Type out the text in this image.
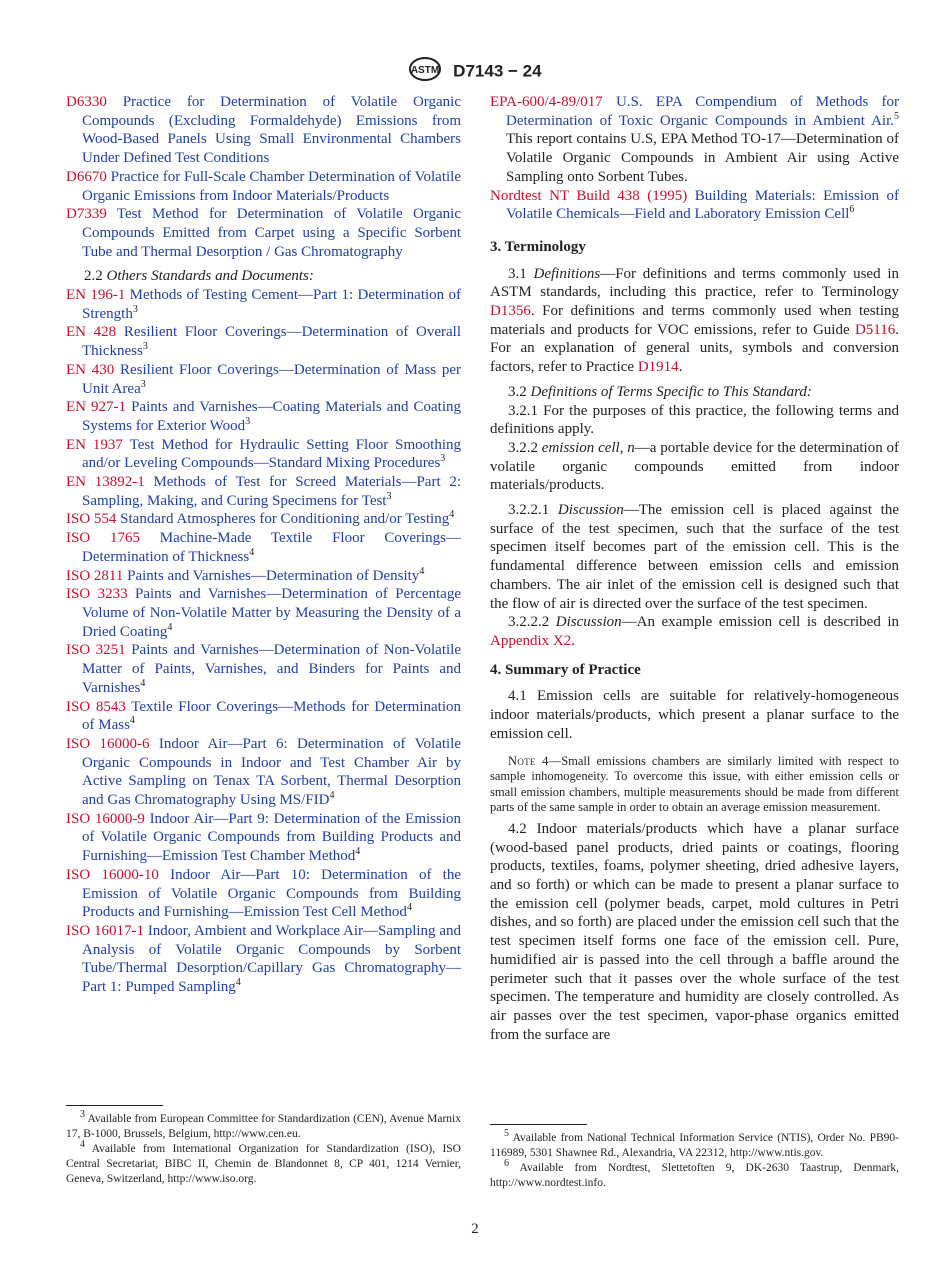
ASTM D7143 − 24

D6330 Practice for Determination of Volatile Organic Compounds (Excluding Formaldehyde) Emissions from Wood-Based Panels Using Small Environmental Chambers Under Defined Test Conditions

D6670 Practice for Full-Scale Chamber Determination of Volatile Organic Emissions from Indoor Materials/Products

D7339 Test Method for Determination of Volatile Organic Compounds Emitted from Carpet using a Specific Sorbent Tube and Thermal Desorption / Gas Chromatography

2.2 Others Standards and Documents:

EN 196-1 Methods of Testing Cement—Part 1: Determination of Strength$^3$

EN 428 Resilient Floor Coverings—Determination of Overall Thickness$^3$

EN 430 Resilient Floor Coverings—Determination of Mass per Unit Area$^3$

EN 927-1 Paints and Varnishes—Coating Materials and Coating Systems for Exterior Wood$^3$

EN 1937 Test Method for Hydraulic Setting Floor Smoothing and/or Leveling Compounds—Standard Mixing Procedures$^3$

EN 13892-1 Methods of Test for Screed Materials—Part 2: Sampling, Making, and Curing Specimens for Test$^3$

ISO 554 Standard Atmospheres for Conditioning and/or Testing$^4$

ISO 1765 Machine-Made Textile Floor Coverings—Determination of Thickness$^4$

ISO 2811 Paints and Varnishes—Determination of Density$^4$

ISO 3233 Paints and Varnishes—Determination of Percentage Volume of Non-Volatile Matter by Measuring the Density of a Dried Coating$^4$

ISO 3251 Paints and Varnishes—Determination of Non-Volatile Matter of Paints, Varnishes, and Binders for Paints and Varnishes$^4$

ISO 8543 Textile Floor Coverings—Methods for Determination of Mass$^4$

ISO 16000-6 Indoor Air—Part 6: Determination of Volatile Organic Compounds in Indoor and Test Chamber Air by Active Sampling on Tenax TA Sorbent, Thermal Desorption and Gas Chromatography Using MS/FID$^4$

ISO 16000-9 Indoor Air—Part 9: Determination of the Emission of Volatile Organic Compounds from Building Products and Furnishing—Emission Test Chamber Method$^4$

ISO 16000-10 Indoor Air—Part 10: Determination of the Emission of Volatile Organic Compounds from Building Products and Furnishing—Emission Test Cell Method$^4$

ISO 16017-1 Indoor, Ambient and Workplace Air—Sampling and Analysis of Volatile Organic Compounds by Sorbent Tube/Thermal Desorption/Capillary Gas Chromatography—Part 1: Pumped Sampling$^4$

EPA-600/4-89/017 U.S. EPA Compendium of Methods for Determination of Toxic Organic Compounds in Ambient Air.$^5$ This report contains U.S, EPA Method TO-17—Determination of Volatile Organic Compounds in Ambient Air using Active Sampling onto Sorbent Tubes.

Nordtest NT Build 438 (1995) Building Materials: Emission of Volatile Chemicals—Field and Laboratory Emission Cell$^6$

3. Terminology

3.1 Definitions—For definitions and terms commonly used in ASTM standards, including this practice, refer to Terminology D1356. For definitions and terms commonly used when testing materials and products for VOC emissions, refer to Guide D5116. For an explanation of general units, symbols and conversion factors, refer to Practice D1914.

3.2 Definitions of Terms Specific to This Standard:

3.2.1 For the purposes of this practice, the following terms and definitions apply.

3.2.2 emission cell, n—a portable device for the determination of volatile organic compounds emitted from indoor materials/products.

3.2.2.1 Discussion—The emission cell is placed against the surface of the test specimen, such that the surface of the test specimen itself becomes part of the emission cell. This is the fundamental difference between emission cells and emission chambers. The air inlet of the emission cell is designed such that the flow of air is directed over the surface of the test specimen.

3.2.2.2 Discussion—An example emission cell is described in Appendix X2.

4. Summary of Practice

4.1 Emission cells are suitable for relatively-homogeneous indoor materials/products, which present a planar surface to the emission cell.

Note 4—Small emissions chambers are similarly limited with respect to sample inhomogeneity. To overcome this issue, with either emission cells or small emission chambers, multiple measurements should be made from different parts of the same sample in order to obtain an average emission measurement.

4.2 Indoor materials/products which have a planar surface (wood-based panel products, dried paints or coatings, flooring products, textiles, foams, polymer sheeting, dried adhesive layers, and so forth) or which can be made to present a planar surface to the emission cell (polymer beads, carpet, mold cultures in Petri dishes, and so forth) are placed under the emission cell such that the test specimen itself forms one face of the emission cell. Pure, humidified air is passed into the cell through a baffle around the perimeter such that it passes over the whole surface of the test specimen. The temperature and humidity are closely controlled. As air passes over the test specimen, vapor-phase organics emitted from the surface are

$^3$ Available from European Committee for Standardization (CEN), Avenue Marnix 17, B-1000, Brussels, Belgium, http://www.cen.eu.

$^4$ Available from International Organization for Standardization (ISO), ISO Central Secretariat, BIBC II, Chemin de Blandonnet 8, CP 401, 1214 Vernier, Geneva, Switzerland, http://www.iso.org.

$^5$ Available from National Technical Information Service (NTIS), Order No. PB90-116989, 5301 Shawnee Rd., Alexandria, VA 22312, http://www.ntis.gov.

$^6$ Available from Nordtest, Slettetoften 9, DK-2630 Taastrup, Denmark, http://www.nordtest.info.

2
